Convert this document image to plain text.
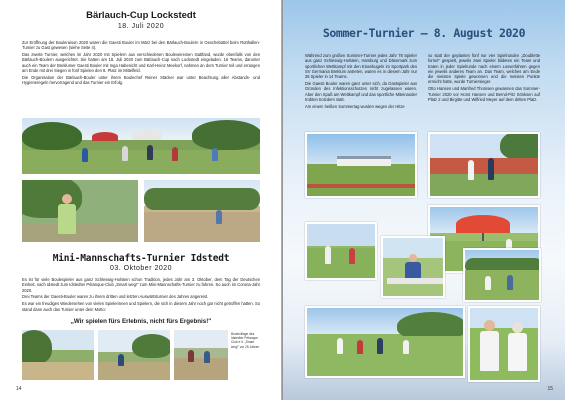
Bärlauch-Cup Lockstedt
18. Juli 2020

Zur Eröffnung der Bouleraison 2020 waren die Gaesti Bouler im März bei den Bärlauch-Boulern in Oeschebüttel beim Rotthallen-Turnier zu Gast gewesen (siehe Seite 4).

Das zweite Turnier, welches im Jahr 2020 mit Spielern aus verschiedenen Bouleveireinen stattfand, wurde ebenfalls von den Bärlauch-Boulern ausgerichtet. Sie hatten am 18. Juli 2020 zum Bärlauch-Cup nach Lockstedt eingeladen. 16 Teams, darunter auch ein Team der Breklumer Gaesti Bouler mit Inga Habenicht und Karl-Heinz Meekorf, nahmen an dem Turnier teil und errangen am Ende mit drei Siegen in fünf Spielen den 8. Platz im Mittelfeld.

Die Organisation der Bärlauch-Bouler unter ihrem Boulechef Reiner Stäcker war unter Beachtung aller Abstands- und Hygieneregeln hervorragend und das Turnier ein Erfolg.

Mini-Mannschafts-Turnier Idstedt
03. Oktober 2020

Es ist für viele Boulespieler aus ganz Schleswig-Holstein schon Tradition, jedes Jahr am 3. Oktober, dem Tag der Deutschen Einheit, nach Idstedt zum Idstedter Pétanque-Club „Smart weg!" zum Mini-Mannschafts-Turnier zu fahren. So auch im Corona-Jahr 2020.

Drei Teams der Gaesti-Bouler waren zu ihrem dritten und letzten Auswärtsturnier des Jahres angereist.

Es war ein freudiges Wiedersehen von vielen Spielerinnen und Spielern, die sich in diesem Jahr noch gar nicht getroffen hatten. So stand dann auch das Turnier unter dem Motto:

„Wir spielen fürs Erlebnis, nicht fürs Ergebnis!"
Boulevillage des Idstedter Pétanque Club e.V. „Smart weg!" vor 25 Jahren
14
Sommer-Turnier – 8. August 2020

Während zum großen Sommer-Turnier jedes Jahr 78 Spieler aus ganz Schleswig-Holstein, Hamburg und Dänemark zum sportlichen Wettkampf mit den Eisenkugeln im Sportpark des SV Germania Breklum antreten, waren es in diesem Jahr nur 28 Spieler in 14 Teams.

Die Gaesti Bouler waren ganz unter sich, da Gastspieler aus Gründen des Infektionsschutzes nicht zugelassen waren. Aber den Spaß am Wettkampf und das sportliche Miteinander trübten trotzdem statt.

Am einem heißen Sommertag wurden wegen der Hitze

so statt der geplanten fünf nur vier Spielrunden „Doublette formé" gespielt, jeweils zwei Spieler bildeten ein Team und traten in jeder Spielrunde nach einem Losverfahren gegen ein jeweils anderes Team an. Das Team, welches am Ende die meisten Spiele gewonnen und die meisten Punkte erreicht hatte, wurde Turniersieger.

Otto Hansen und Manfred Thomsen gewannen das Sommer-Turnier 2020 vor Horst Hansen und Bernd-Pitz Sönksen auf Platz 2 und Birgitte und Wilfried Meyer auf dem dritten Platz.

15
